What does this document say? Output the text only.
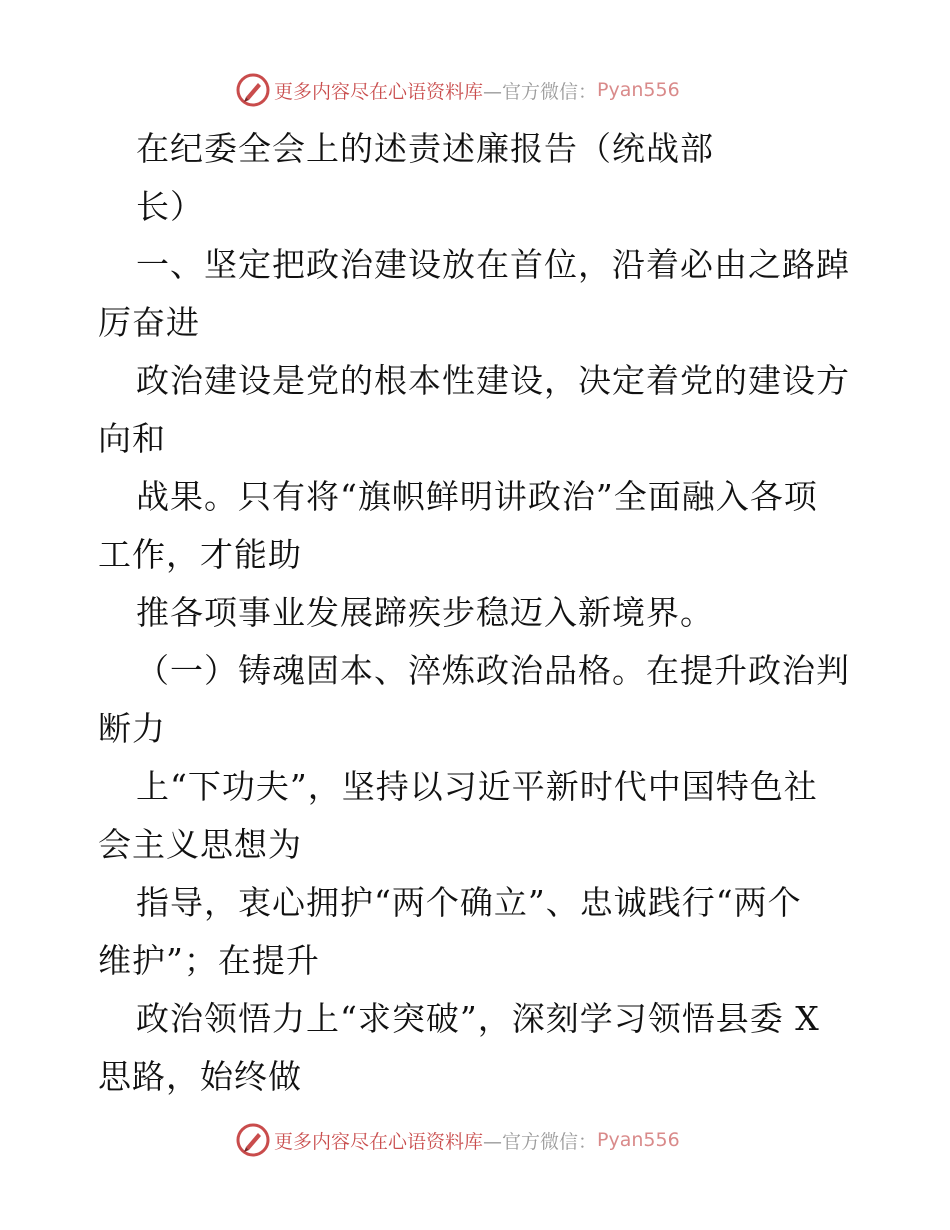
更多内容尽在心语资料库 —官方微信： Pyan556
在纪委全会上的述责述廉报告（统战部
长）
一、坚定把政治建设放在首位，沿着必由之路踔
厉奋进
政治建设是党的根本性建设，决定着党的建设方
向和
战果。只有将“旗帜鲜明讲政治”全面融入各项
工作，才能助
推各项事业发展蹄疾步稳迈入新境界。
（一）铸魂固本、淬炼政治品格。在提升政治判
断力
上“下功夫”，坚持以习近平新时代中国特色社
会主义思想为
指导，衷心拥护“两个确立”、忠诚践行“两个
维护”；在提升
政治领悟力上“求突破”，深刻学习领悟县委 X
思路，始终做
更多内容尽在心语资料库 —官方微信： Pyan556
